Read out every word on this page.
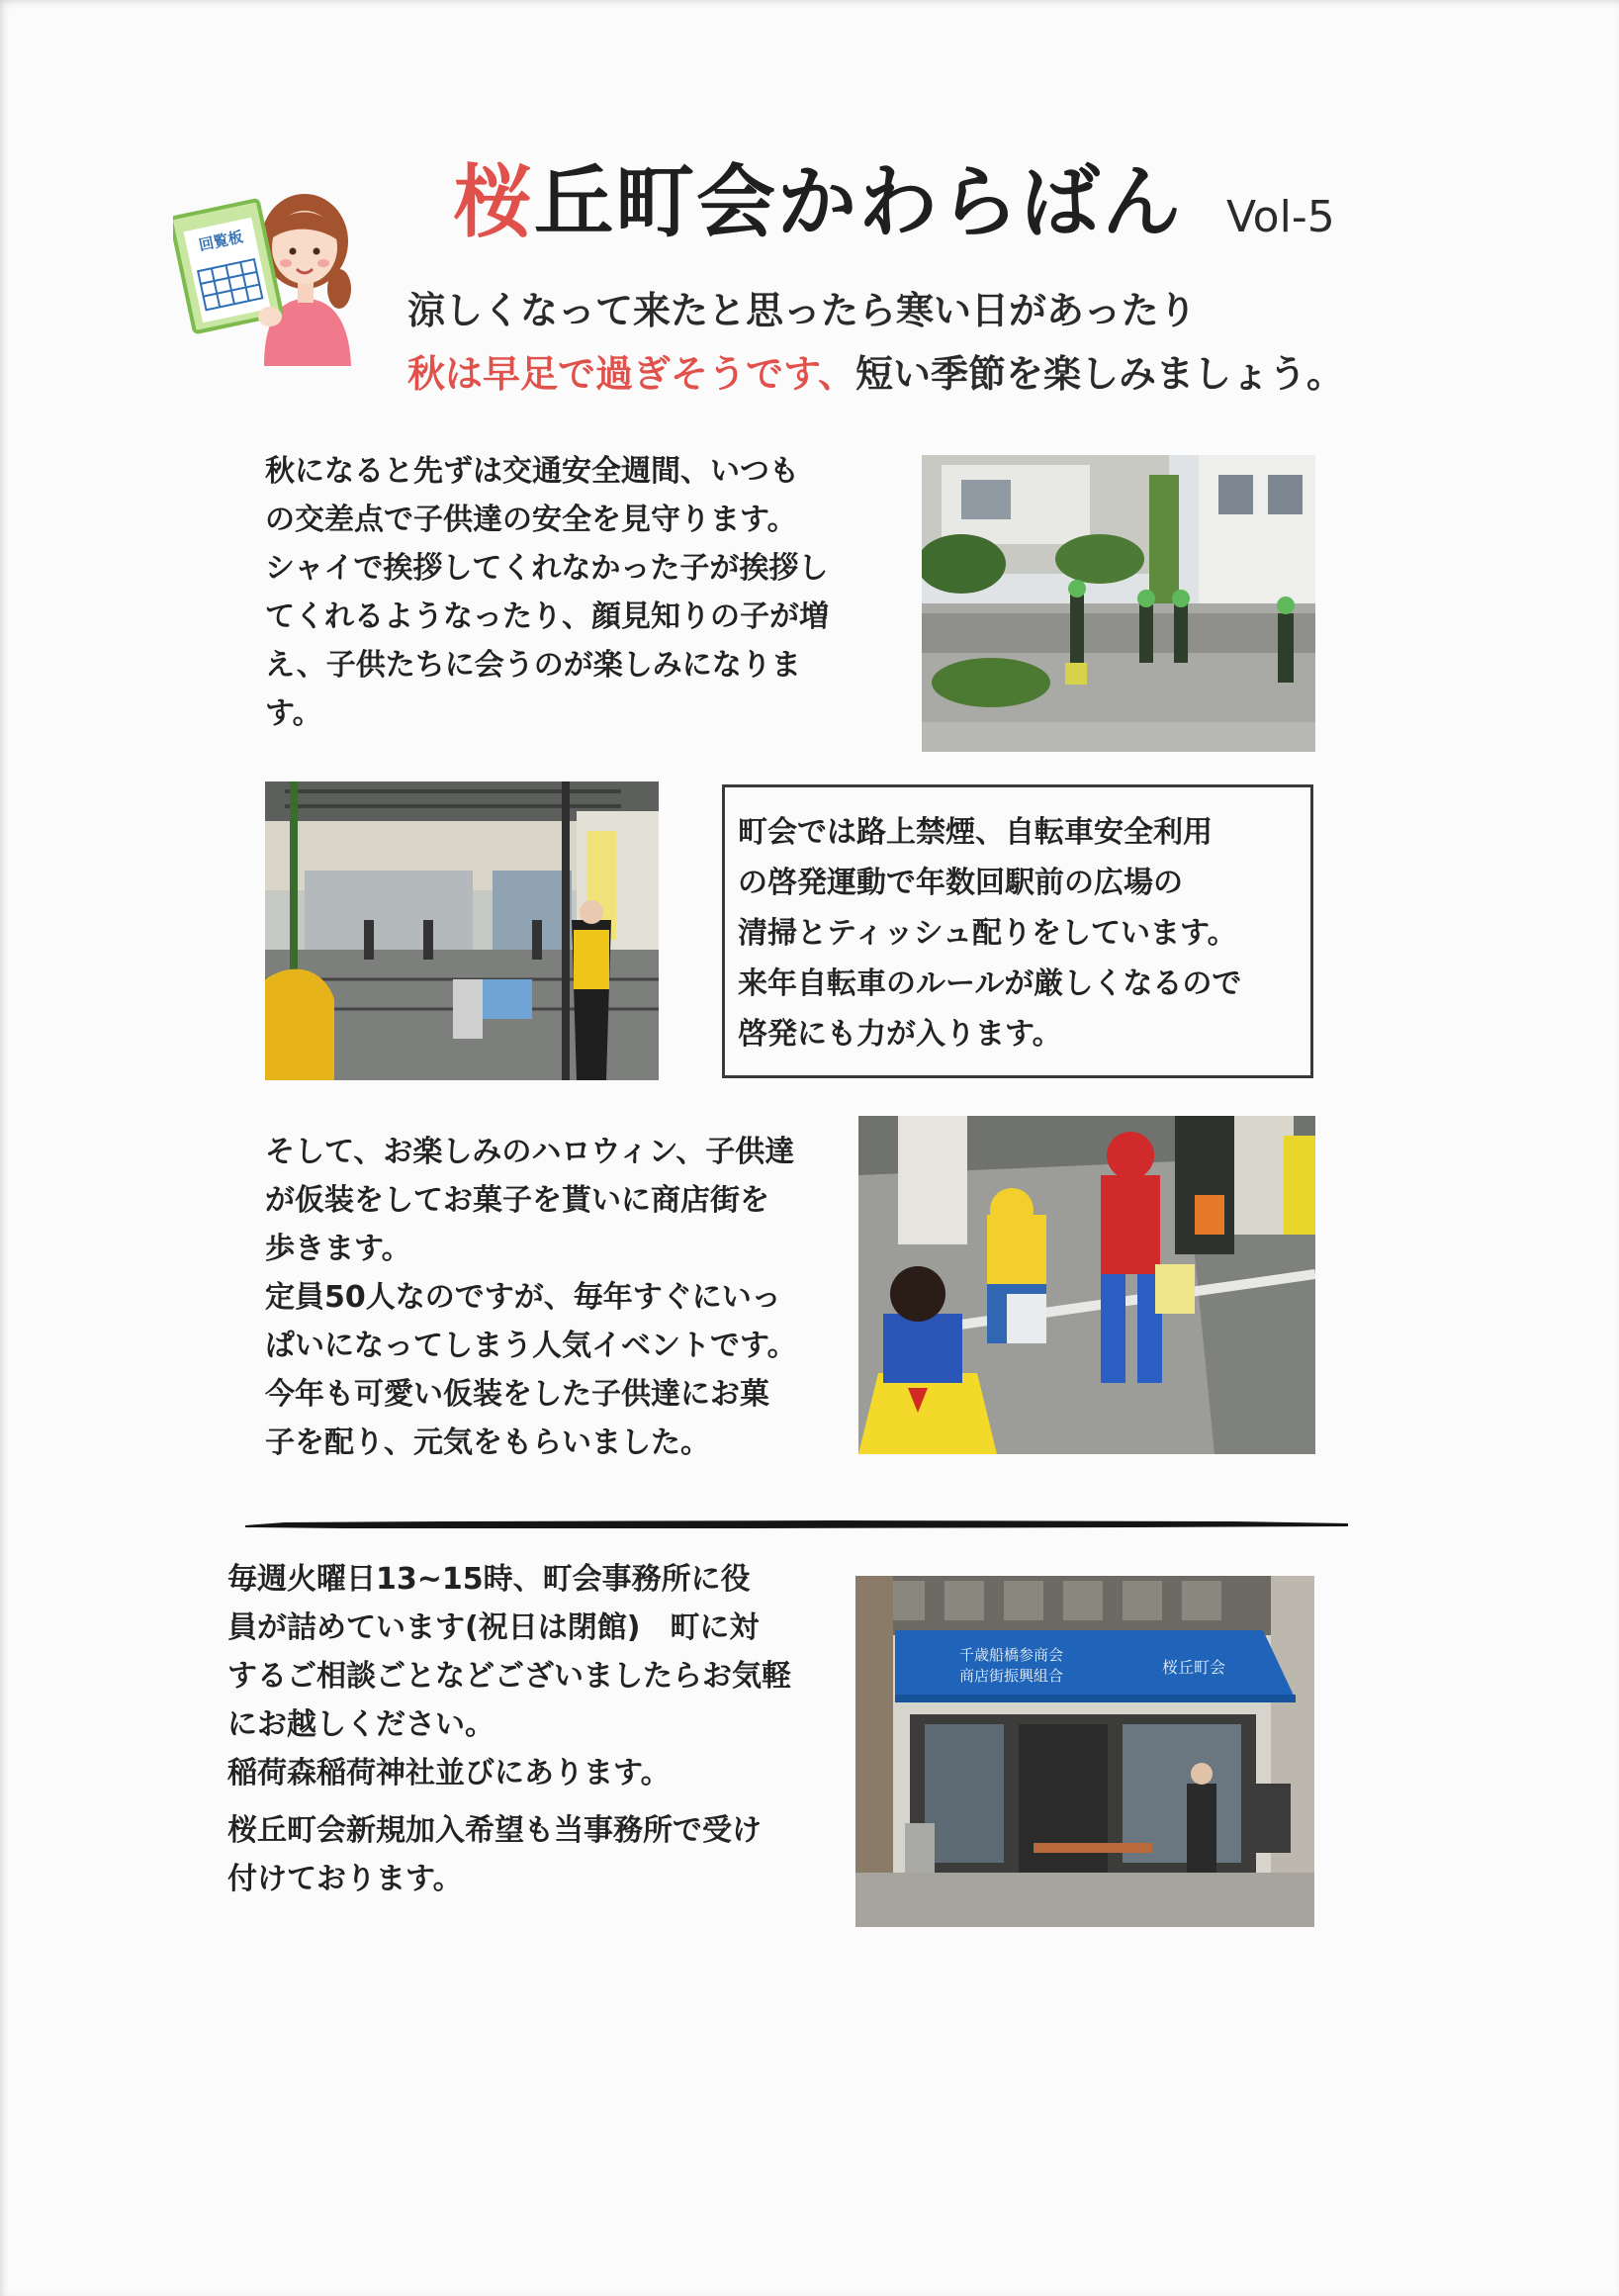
回覧板	桜丘町会かわらばん	Vol-5
涼しくなって来たと思ったら寒い日があったり
秋は早足で過ぎそうです、短い季節を楽しみましょう。

秋になると先ずは交通安全週間、いつも

の交差点で子供達の安全を見守ります。

シャイで挨拶してくれなかった子が挨拶し

てくれるようなったり、顔見知りの子が増

え、子供たちに会うのが楽しみになりま

す。

町会では路上禁煙、自転車安全利用

の啓発運動で年数回駅前の広場の

清掃とティッシュ配りをしています。

来年自転車のルールが厳しくなるので

啓発にも力が入ります。

そして、お楽しみのハロウィン、子供達

が仮装をしてお菓子を貰いに商店街を

歩きます。

定員50人なのですが、毎年すぐにいっ

ぱいになってしまう人気イベントです。

今年も可愛い仮装をした子供達にお菓

子を配り、元気をもらいました。

毎週火曜日13~15時、町会事務所に役

員が詰めています(祝日は閉館)　町に対

するご相談ごとなどございましたらお気軽

にお越しください。

稲荷森稲荷神社並びにあります。

桜丘町会新規加入希望も当事務所で受け

付けております。

千歳船橋参商会
商店街振興組合	桜丘町会
